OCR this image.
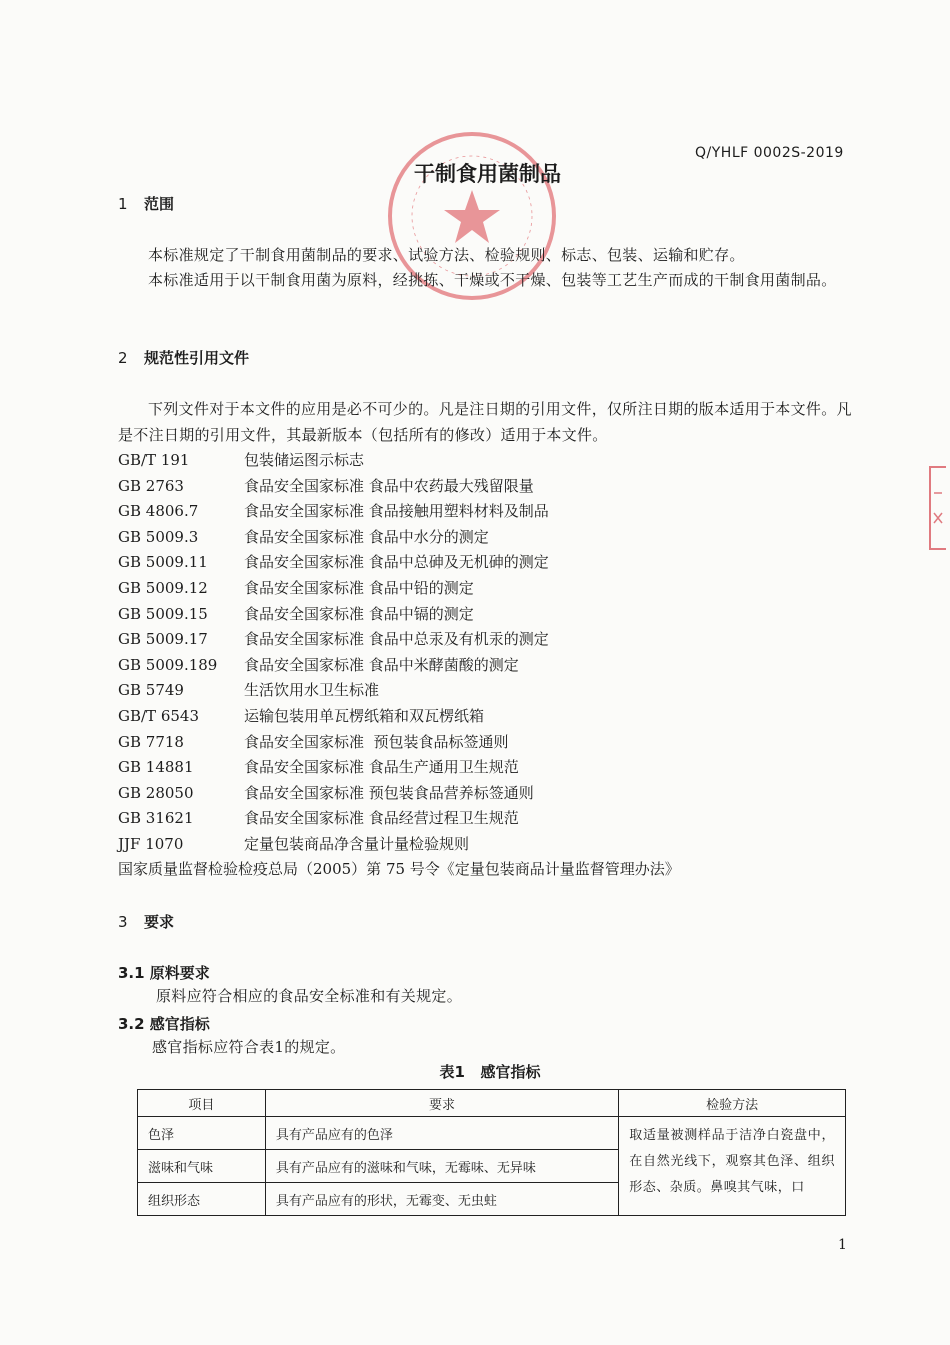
Q/YHLF 0002S-2019
干制食用菌制品
1 范围

本标准规定了干制食用菌制品的要求、试验方法、检验规则、标志、包装、运输和贮存。

本标准适用于以干制食用菌为原料，经挑拣、干燥或不干燥、包装等工艺生产而成的干制食用菌制品。

2 规范性引用文件

下列文件对于本文件的应用是必不可少的。凡是注日期的引用文件，仅所注日期的版本适用于本文件。凡是不注日期的引用文件，其最新版本（包括所有的修改）适用于本文件。

GB/T 191	包装储运图示标志
GB 2763	食品安全国家标准 食品中农药最大残留限量
GB 4806.7	食品安全国家标准 食品接触用塑料材料及制品
GB 5009.3	食品安全国家标准 食品中水分的测定
GB 5009.11 食品安全国家标准 食品中总砷及无机砷的测定
GB 5009.12 食品安全国家标准 食品中铅的测定
GB 5009.15 食品安全国家标准 食品中镉的测定
GB 5009.17 食品安全国家标准 食品中总汞及有机汞的测定
GB 5009.189 食品安全国家标准 食品中米酵菌酸的测定
GB 5749	生活饮用水卫生标准
GB/T 6543	运输包装用单瓦楞纸箱和双瓦楞纸箱
GB 7718	食品安全国家标准  预包装食品标签通则
GB 14881	食品安全国家标准 食品生产通用卫生规范
GB 28050	食品安全国家标准 预包装食品营养标签通则
GB 31621	食品安全国家标准 食品经营过程卫生规范
JJF 1070	定量包装商品净含量计量检验规则
国家质量监督检验检疫总局（2005）第 75 号令《定量包装商品计量监督管理办法》
3 要求
3.1 原料要求

原料应符合相应的食品安全标准和有关规定。

3.2 感官指标

感官指标应符合表1的规定。

表1   感官指标
项目	要求	检验方法
色泽	具有产品应有的色泽	取适量被测样品于洁净白瓷盘中，在自然光线下，观察其色泽、组织形态、杂质。鼻嗅其气味，口
滋味和气味	具有产品应有的滋味和气味，无霉味、无异味	
组织形态	具有产品应有的形状，无霉变、无虫蛀	
1
